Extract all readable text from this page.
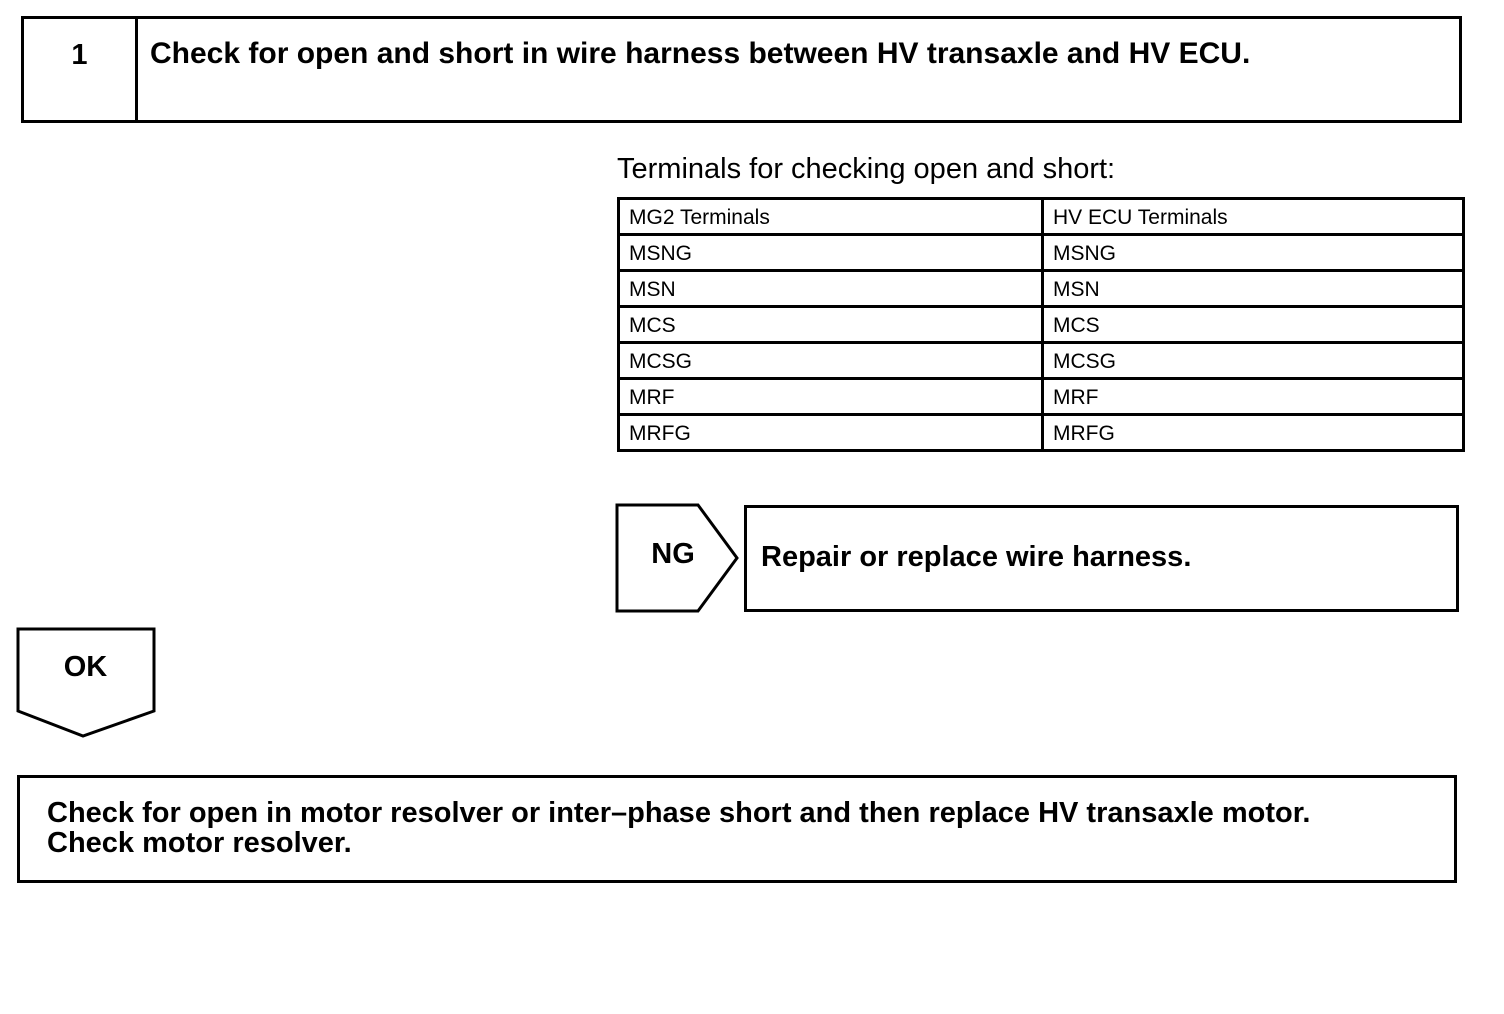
1	Check for open and short in wire harness between HV transaxle and HV ECU.
Terminals for checking open and short:
MG2 Terminals	HV ECU Terminals
MSNG	MSNG
MSN	MSN
MCS	MCS
MCSG	MCSG
MRF	MRF
MRFG	MRFG
NG	Repair or replace wire harness.
OK
Check for open in motor resolver or inter–phase short and then replace HV transaxle motor.
Check motor resolver.
